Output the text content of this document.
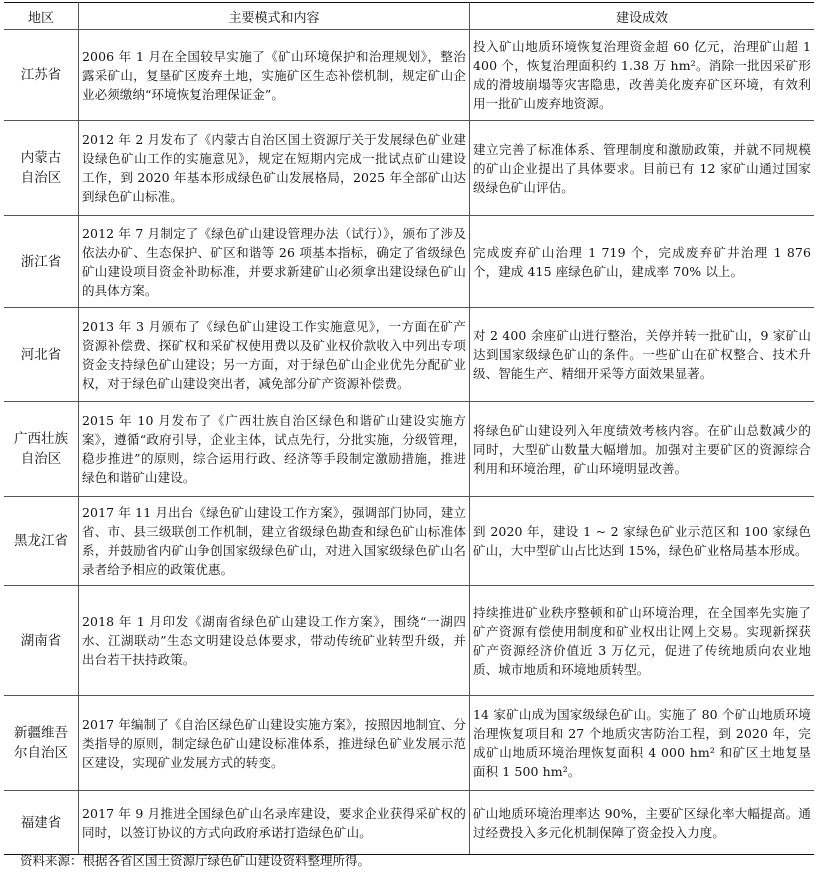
地区	主要模式和内容	建设成效
江苏省	2006 年 1 月在全国较早实施了《矿山环境保护和治理规划》，整治露采矿山，复垦矿区废弃土地，实施矿区生态补偿机制，规定矿山企业必须缴纳“环境恢复治理保证金”。	投入矿山地质环境恢复治理资金超 60 亿元，治理矿山超 1 400 个，恢复治理面积约 1.38 万 hm²。消除一批因采矿形成的滑坡崩塌等灾害隐患，改善美化废弃矿区环境，有效利用一批矿山废弃地资源。
内蒙古自治区	2012 年 2 月发布了《内蒙古自治区国土资源厅关于发展绿色矿业建设绿色矿山工作的实施意见》，规定在短期内完成一批试点矿山建设工作，到 2020 年基本形成绿色矿山发展格局，2025 年全部矿山达到绿色矿山标准。	建立完善了标准体系、管理制度和激励政策，并就不同规模的矿山企业提出了具体要求。目前已有 12 家矿山通过国家级绿色矿山评估。
浙江省	2012 年 7 月制定了《绿色矿山建设管理办法（试行）》，颁布了涉及依法办矿、生态保护、矿区和谐等 26 项基本指标，确定了省级绿色矿山建设项目资金补助标准，并要求新建矿山必须拿出建设绿色矿山的具体方案。	完成废弃矿山治理 1 719 个，完成废弃矿井治理 1 876 个，建成 415 座绿色矿山，建成率 70% 以上。
河北省	2013 年 3 月颁布了《绿色矿山建设工作实施意见》，一方面在矿产资源补偿费、探矿权和采矿权使用费以及矿业权价款收入中列出专项资金支持绿色矿山建设；另一方面，对于绿色矿山企业优先分配矿业权，对于绿色矿山建设突出者，减免部分矿产资源补偿费。	对 2 400 余座矿山进行整治，关停并转一批矿山，9 家矿山达到国家级绿色矿山的条件。一些矿山在矿权整合、技术升级、智能生产、精细开采等方面效果显著。
广西壮族自治区	2015 年 10 月发布了《广西壮族自治区绿色和谐矿山建设实施方案》，遵循“政府引导，企业主体，试点先行，分批实施，分级管理，稳步推进”的原则，综合运用行政、经济等手段制定激励措施，推进绿色和谐矿山建设。	将绿色矿山建设列入年度绩效考核内容。在矿山总数减少的同时，大型矿山数量大幅增加。加强对主要矿区的资源综合利用和环境治理，矿山环境明显改善。
黑龙江省	2017 年 11 月出台《绿色矿山建设工作方案》，强调部门协同，建立省、市、县三级联创工作机制，建立省级绿色勘查和绿色矿山标准体系，并鼓励省内矿山争创国家级绿色矿山，对进入国家级绿色矿山名录者给予相应的政策优惠。	到 2020 年，建设 1 ~ 2 家绿色矿业示范区和 100 家绿色矿山，大中型矿山占比达到 15%，绿色矿业格局基本形成。
湖南省	2018 年 1 月印发《湖南省绿色矿山建设工作方案》，围绕“一湖四水、江湖联动”生态文明建设总体要求，带动传统矿业转型升级，并出台若干扶持政策。	持续推进矿业秩序整顿和矿山环境治理，在全国率先实施了矿产资源有偿使用制度和矿业权出让网上交易。实现新探获矿产资源经济价值近 3 万亿元，促进了传统地质向农业地质、城市地质和环境地质转型。
新疆维吾尔自治区	2017 年编制了《自治区绿色矿山建设实施方案》，按照因地制宜、分类指导的原则，制定绿色矿山建设标准体系，推进绿色矿业发展示范区建设，实现矿业发展方式的转变。	14 家矿山成为国家级绿色矿山。实施了 80 个矿山地质环境治理恢复项目和 27 个地质灾害防治工程，到 2020 年，完成矿山地质环境治理恢复面积 4 000 hm² 和矿区土地复垦面积 1 500 hm²。
福建省	2017 年 9 月推进全国绿色矿山名录库建设，要求企业获得采矿权的同时，以签订协议的方式向政府承诺打造绿色矿山。	矿山地质环境治理率达 90%，主要矿区绿化率大幅提高。通过经费投入多元化机制保障了资金投入力度。
资料来源：根据各省区国土资源厅绿色矿山建设资料整理所得。
